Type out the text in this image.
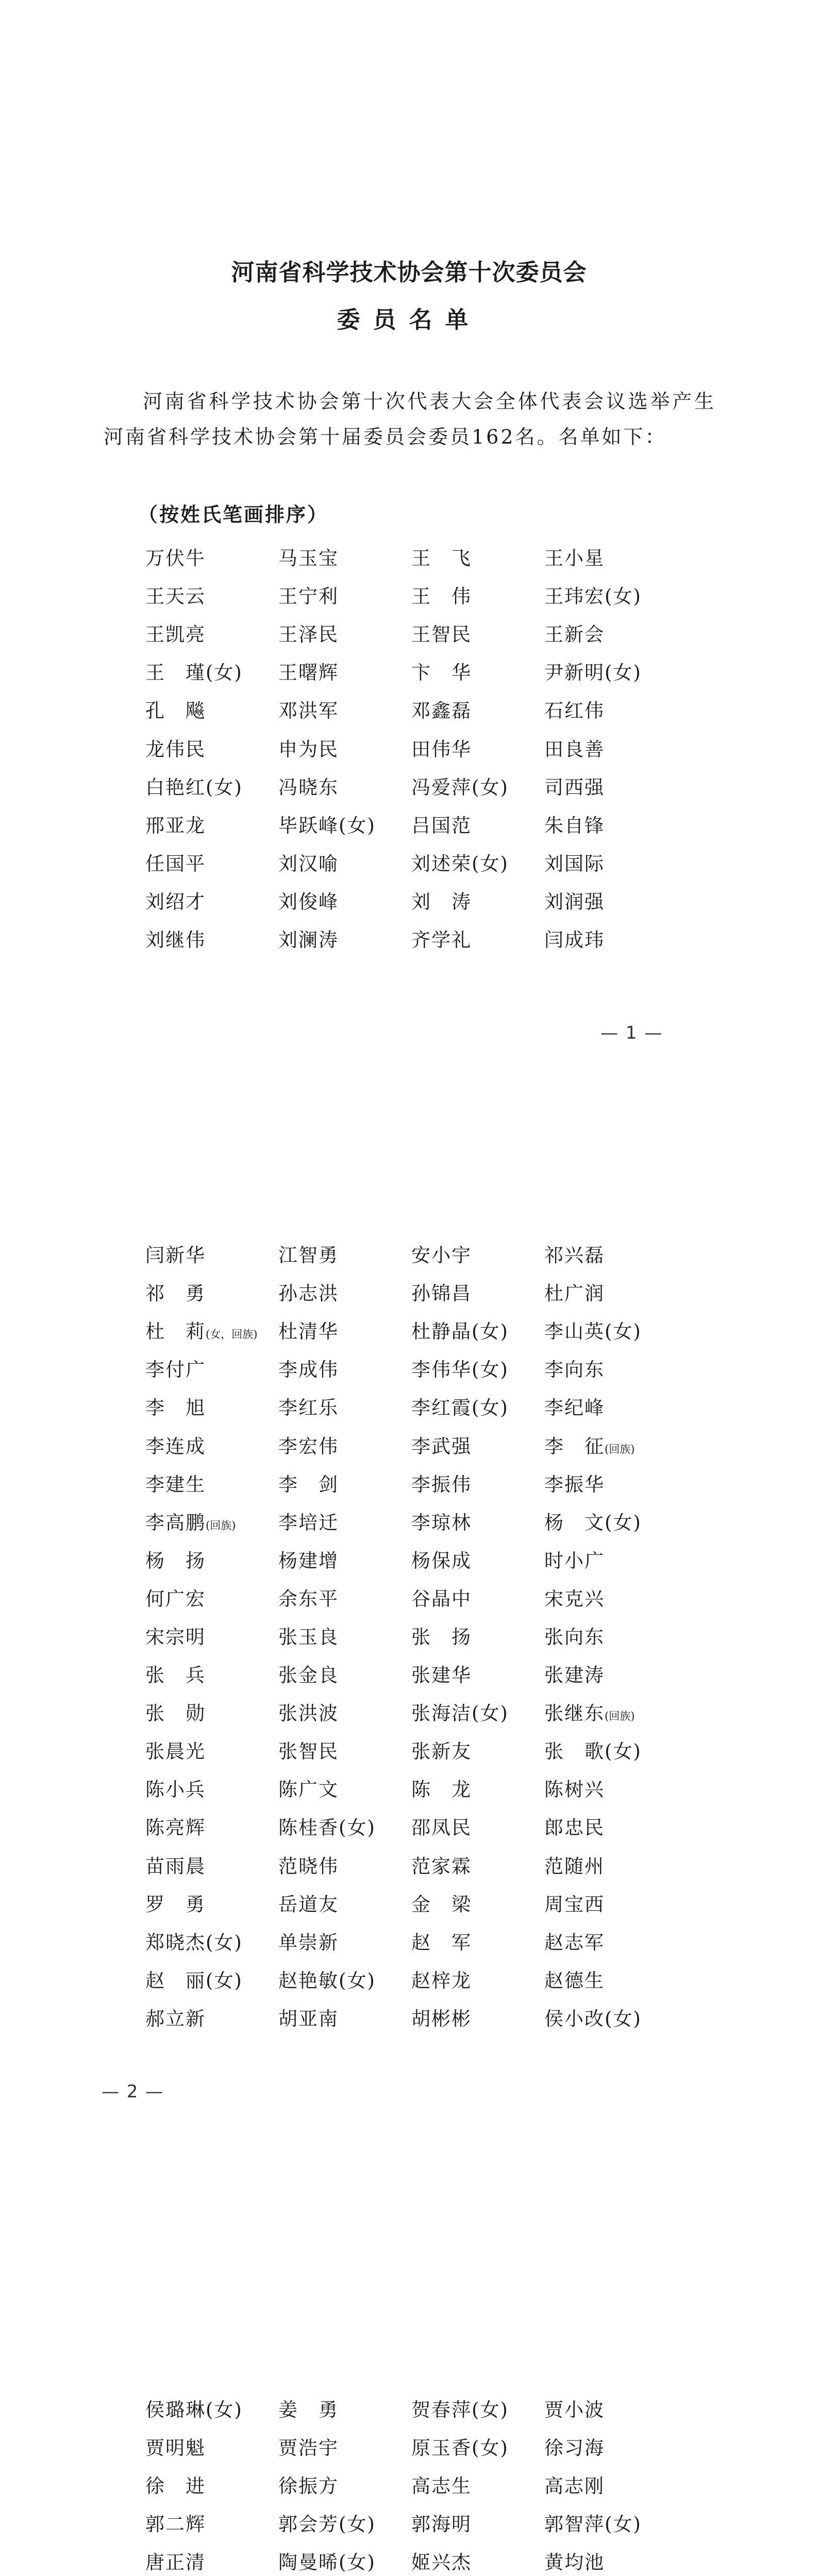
河南省科学技术协会第十次委员会
委员名单

河南省科学技术协会第十次代表大会全体代表会议选举产生河南省科学技术协会第十届委员会委员162名。名单如下：

（按姓氏笔画排序）

万伏牛	马玉宝	王　飞	王小星
王天云	王宁利	王　伟	王玮宏(女)
王凯亮	王泽民	王智民	王新会
王　瑾(女)	王曙辉	卞　华	尹新明(女)
孔　飚	邓洪军	邓鑫磊	石红伟
龙伟民	申为民	田伟华	田良善
白艳红(女)	冯晓东	冯爱萍(女)	司西强
邢亚龙	毕跃峰(女)	吕国范	朱自锋
任国平	刘汉喻	刘述荣(女)	刘国际
刘绍才	刘俊峰	刘　涛	刘润强
刘继伟	刘澜涛	齐学礼	闫成玮

— 1 —

闫新华	江智勇	安小宇	祁兴磊
祁　勇	孙志洪	孙锦昌	杜广润
杜　莉(女，回族)	杜清华	杜静晶(女)	李山英(女)
李付广	李成伟	李伟华(女)	李向东
李　旭	李红乐	李红霞(女)	李纪峰
李连成	李宏伟	李武强	李　征(回族)
李建生	李　剑	李振伟	李振华
李高鹏(回族)	李培迁	李琼林	杨　文(女)
杨　扬	杨建增	杨保成	时小广
何广宏	余东平	谷晶中	宋克兴
宋宗明	张玉良	张　扬	张向东
张　兵	张金良	张建华	张建涛
张　勋	张洪波	张海洁(女)	张继东(回族)
张晨光	张智民	张新友	张　歌(女)
陈小兵	陈广文	陈　龙	陈树兴
陈亮辉	陈桂香(女)	邵凤民	郎忠民
苗雨晨	范晓伟	范家霖	范随州
罗　勇	岳道友	金　梁	周宝西
郑晓杰(女)	单崇新	赵　军	赵志军
赵　丽(女)	赵艳敏(女)	赵梓龙	赵德生
郝立新	胡亚南	胡彬彬	侯小改(女)

— 2 —

侯璐琳(女)	姜　勇	贺春萍(女)	贾小波
贾明魁	贾浩宇	原玉香(女)	徐习海
徐　进	徐振方	高志生	高志刚
郭二辉	郭会芳(女)	郭海明	郭智萍(女)
唐正清	陶曼晞(女)	姬兴杰	黄均池
